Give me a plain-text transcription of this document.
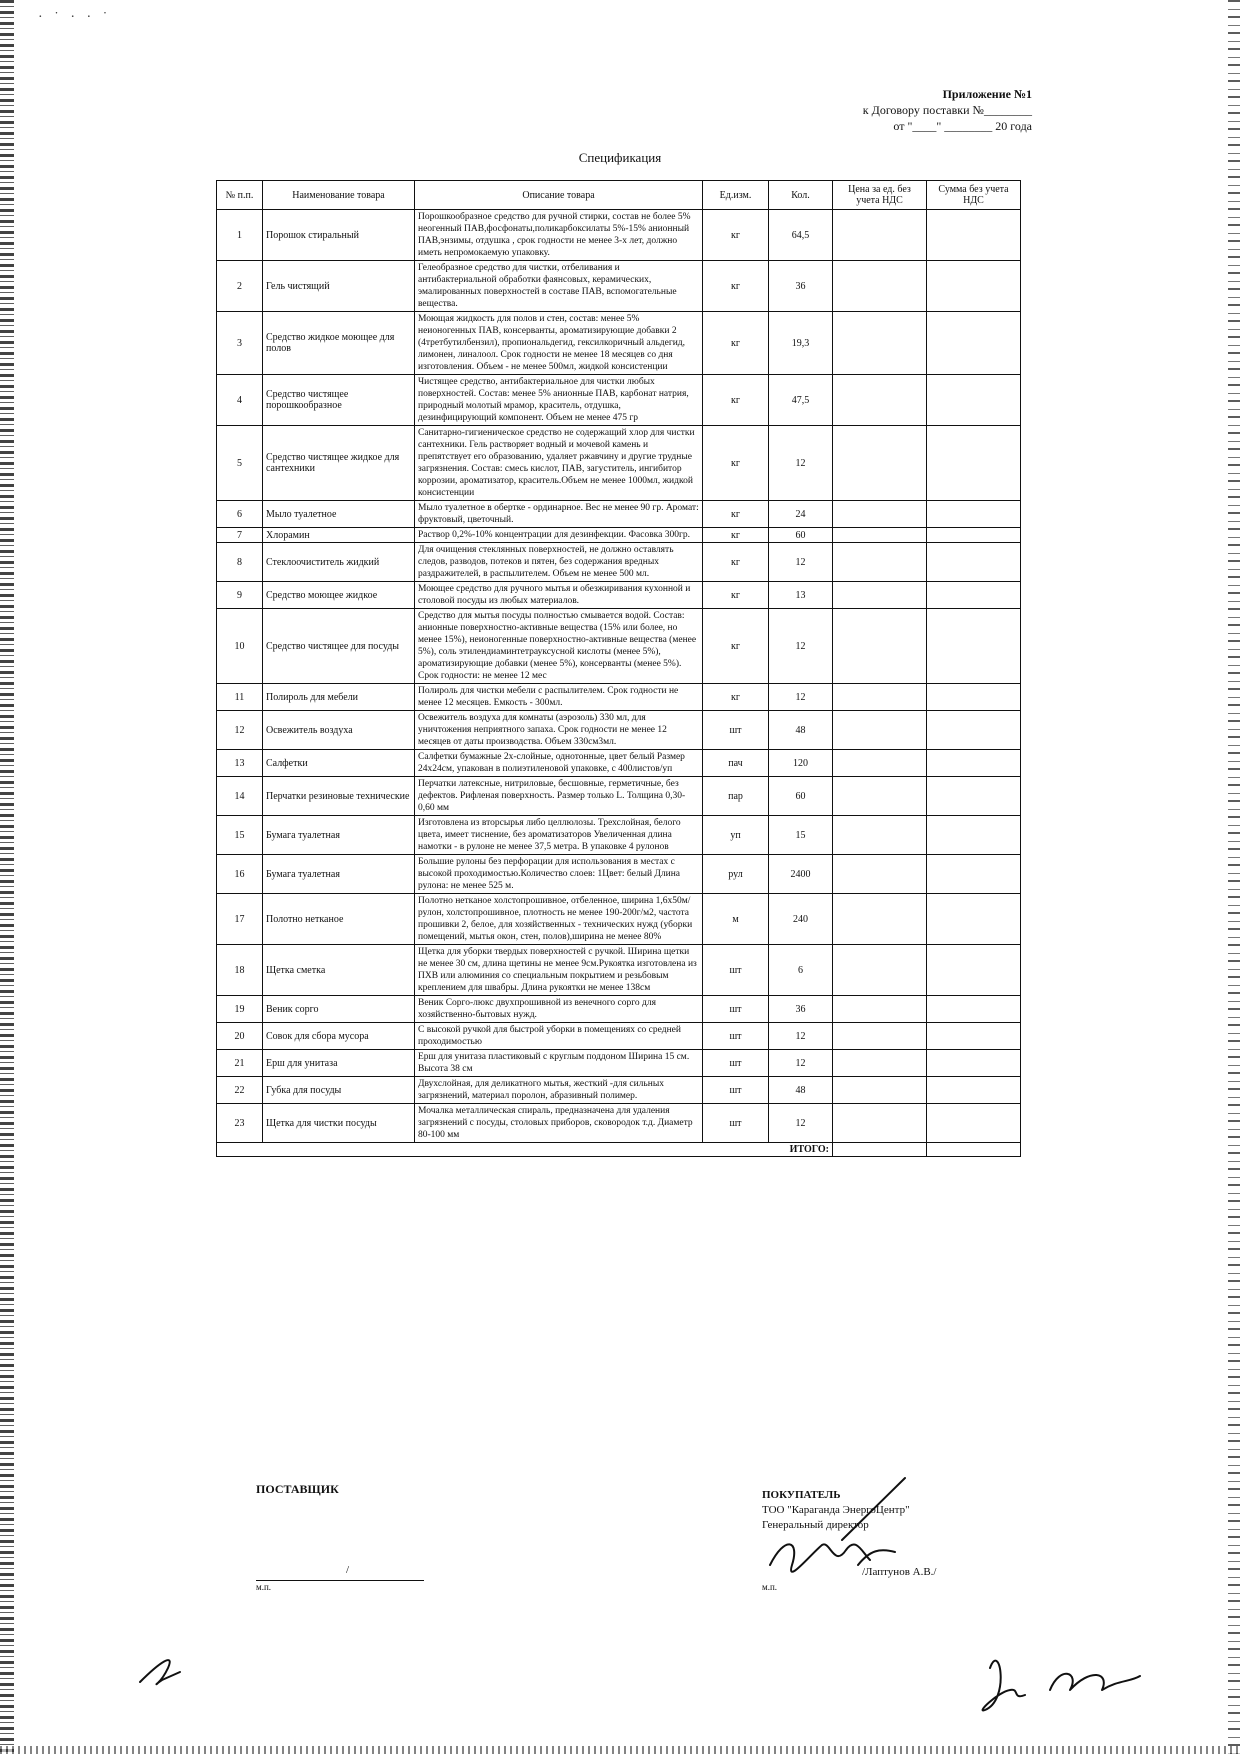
· ˙ · · ˙
Приложение №1
к Договору поставки №________
от "____" ________ 20 года
Спецификация
№ п.п.	Наименование товара	Описание товара	Ед.изм.	Кол.	Цена за ед. без учета НДС	Сумма без учета НДС
1	Порошок стиральный	Порошкообразное средство для ручной стирки, состав не более 5% неогенный ПАВ,фосфонаты,поликарбоксилаты 5%-15% анионный ПАВ,энзимы, отдушка , срок годности не менее 3-х лет, должно иметь непромокаемую упаковку.	кг	64,5		
2	Гель чистящий	Гелеобразное средство для чистки, отбеливания и антибактериальной обработки фаянсовых, керамических, эмалированных поверхностей в составе ПАВ, вспомогательные вещества.	кг	36		
3	Средство жидкое моющее для полов	Моющая жидкость для полов и стен, состав: менее 5% неионогенных ПАВ, консерванты, ароматизирующие добавки 2 (4третбутилбензил), пропиональдегид, гексилкоричный альдегид, лимонен, линалоол. Срок годности не менее 18 месяцев со дня изготовления. Объем - не менее 500мл, жидкой консистенции	кг	19,3		
4	Средство чистящее порошкообразное	Чистящее средство, антибактериальное для чистки любых поверхностей. Состав: менее 5% анионные ПАВ, карбонат натрия, природный молотый мрамор, краситель, отдушка, дезинфицирующий компонент. Объем не менее 475 гр	кг	47,5		
5	Средство чистящее жидкое для сантехники	Санитарно-гигиеническое средство не содержащий хлор для чистки сантехники. Гель растворяет водный и мочевой камень и препятствует его образованию, удаляет ржавчину и другие трудные загрязнения. Состав: смесь кислот, ПАВ, загуститель, ингибитор коррозии, ароматизатор, краситель.Объем не менее 1000мл, жидкой консистенции	кг	12		
6	Мыло туалетное	Мыло туалетное в обертке - ординарное. Вес не менее 90 гр. Аромат: фруктовый, цветочный.	кг	24		
7	Хлорамин	Раствор 0,2%-10% концентрации для дезинфекции. Фасовка 300гр.	кг	60		
8	Стеклоочиститель жидкий	Для очищения стеклянных поверхностей, не должно оставлять следов, разводов, потеков и пятен, без содержания вредных раздражителей, в распылителем. Объем не менее 500 мл.	кг	12		
9	Средство моющее жидкое	Моющее средство для ручного мытья и обезжиривания кухонной и столовой посуды из любых материалов.	кг	13		
10	Средство чистящее для посуды	Средство для мытья посуды полностью смывается водой. Состав: анионные поверхностно-активные вещества (15% или более, но менее 15%), неионогенные поверхностно-активные вещества (менее 5%), соль этилендиаминтетрауксусной кислоты (менее 5%), ароматизирующие добавки (менее 5%), консерванты (менее 5%). Срок годности: не менее 12 мес	кг	12		
11	Полироль для мебели	Полироль для чистки мебели с распылителем. Срок годности не менее 12 месяцев. Емкость - 300мл.	кг	12		
12	Освежитель воздуха	Освежитель воздуха для комнаты (аэрозоль) 330 мл, для уничтожения неприятного запаха. Срок годности не менее 12 месяцев от даты производства. Объем 330см3мл.	шт	48		
13	Салфетки	Салфетки бумажные 2х-слойные, однотонные, цвет белый Размер 24х24см, упакован в полиэтиленовой упаковке, с 400листов/уп	пач	120		
14	Перчатки резиновые технические	Перчатки латексные, нитриловые, бесшовные, герметичные, без дефектов. Рифленая поверхность. Размер только L. Толщина 0,30-0,60 мм	пар	60		
15	Бумага туалетная	Изготовлена из вторсырья либо целлюлозы. Трехслойная, белого цвета, имеет тиснение, без ароматизаторов Увеличенная длина намотки - в рулоне не менее 37,5 метра. В упаковке 4 рулонов	уп	15		
16	Бумага туалетная	Большие рулоны без перфорации для использования в местах с высокой проходимостью.Количество слоев: 1Цвет: белый Длина рулона: не менее 525 м.	рул	2400		
17	Полотно нетканое	Полотно нетканое холстопрошивное, отбеленное, ширина 1,6х50м/рулон, холстопрошивное, плотность не менее 190-200г/м2, частота прошивки 2, белое, для хозяйственных - технических нужд (уборки помещений, мытья окон, стен, полов),ширина не менее 80%	м	240		
18	Щетка сметка	Щетка для уборки твердых поверхностей с ручкой. Ширина щетки не менее 30 см, длина щетины не менее 9см.Рукоятка изготовлена из ПХВ или алюминия со специальным покрытием и резьбовым креплением для швабры. Длина рукоятки не менее 138см	шт	6		
19	Веник сорго	Веник Сорго-люкс двухпрошивной из венечного сорго для хозяйственно-бытовых нужд.	шт	36		
20	Совок для сбора мусора	С высокой ручкой для быстрой уборки в помещениях со средней проходимостью	шт	12		
21	Ерш для унитаза	Ерш для унитаза пластиковый с круглым поддоном Ширина 15 см. Высота 38 см	шт	12		
22	Губка для посуды	Двухслойная, для деликатного мытья, жесткий -для сильных загрязнений, материал поролон, абразивный полимер.	шт	48		
23	Щетка для чистки посуды	Мочалка металлическая спираль, предназначена для удаления загрязнений с посуды, столовых приборов, сковородок т.д. Диаметр 80-100 мм	шт	12		
ИТОГО:						
ПОСТАВЩИК
/
м.п.
ПОКУПАТЕЛЬ
ТОО "Караганда ЭнергоЦентр"
Генеральный директор
/Лаптунов А.В./
м.п.
